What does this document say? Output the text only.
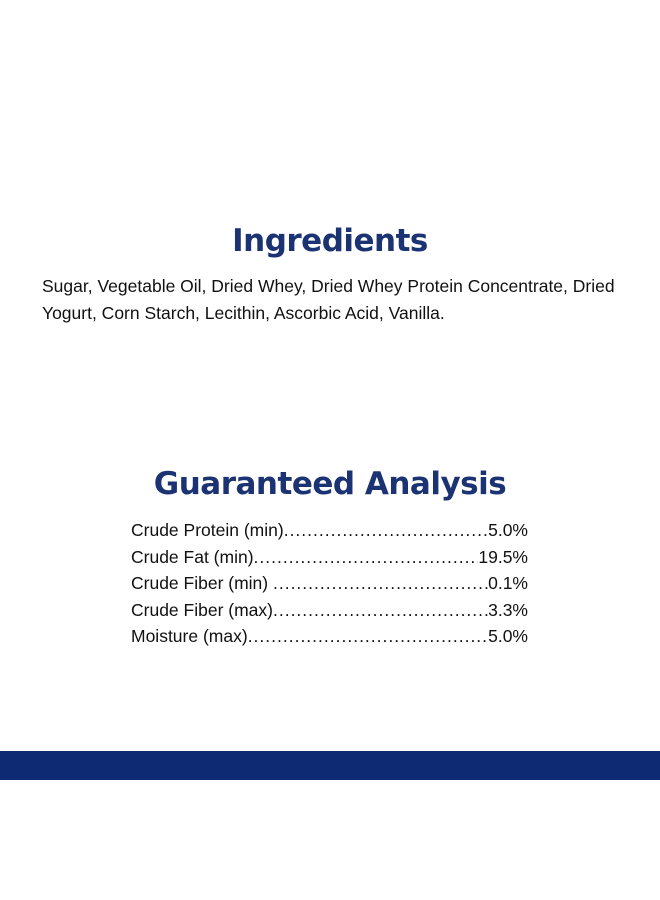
Ingredients
Sugar, Vegetable Oil, Dried Whey, Dried Whey Protein Concentrate, Dried Yogurt, Corn Starch, Lecithin, Ascorbic Acid, Vanilla.
Guaranteed Analysis
Crude Protein (min) .....	5.0%
Crude Fat (min) .....	19.5%
Crude Fiber (min) .....	0.1%
Crude Fiber (max) .....	3.3%
Moisture (max) .....	5.0%
